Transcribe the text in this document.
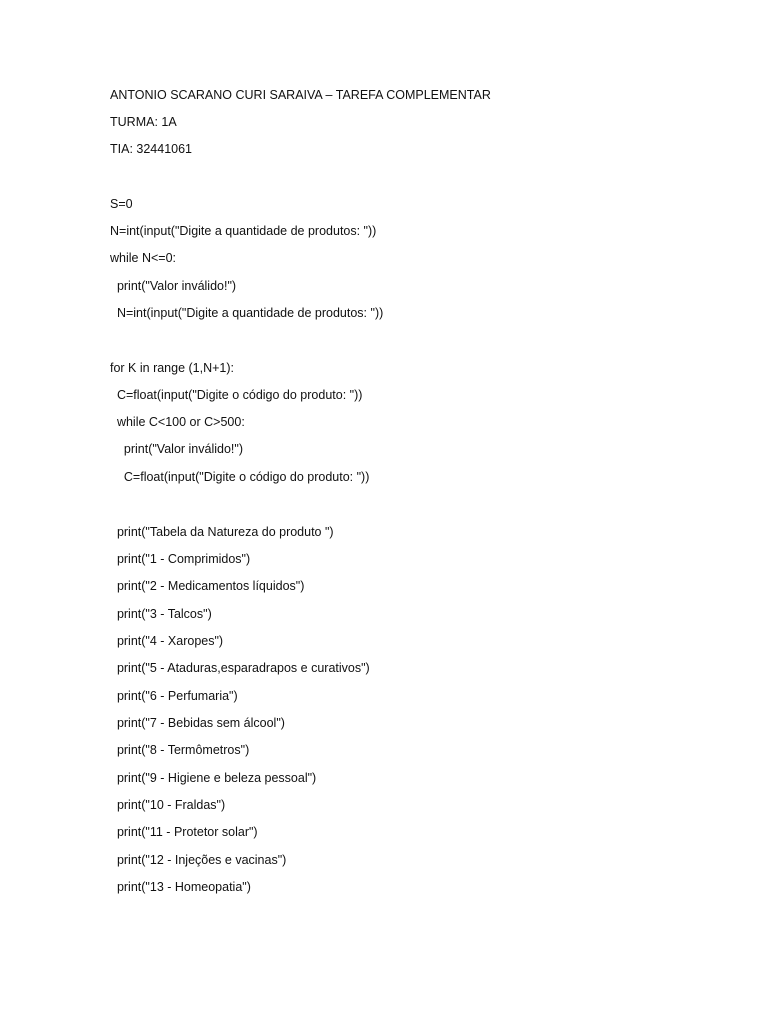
ANTONIO SCARANO CURI SARAIVA – TAREFA COMPLEMENTAR
TURMA: 1A
TIA: 32441061
S=0
N=int(input("Digite a quantidade de produtos: "))
while N<=0:
print("Valor inválido!")
N=int(input("Digite a quantidade de produtos: "))
for K in range (1,N+1):
C=float(input("Digite o código do produto: "))
while C<100 or C>500:
print("Valor inválido!")
C=float(input("Digite o código do produto: "))
print("Tabela da Natureza do produto ")
print("1 - Comprimidos")
print("2 - Medicamentos líquidos")
print("3 - Talcos")
print("4 - Xaropes")
print("5 - Ataduras,esparadrapos e curativos")
print("6 - Perfumaria")
print("7 - Bebidas sem álcool")
print("8 - Termômetros")
print("9 - Higiene e beleza pessoal")
print("10 - Fraldas")
print("11 - Protetor solar")
print("12 - Injeções e vacinas")
print("13 - Homeopatia")
